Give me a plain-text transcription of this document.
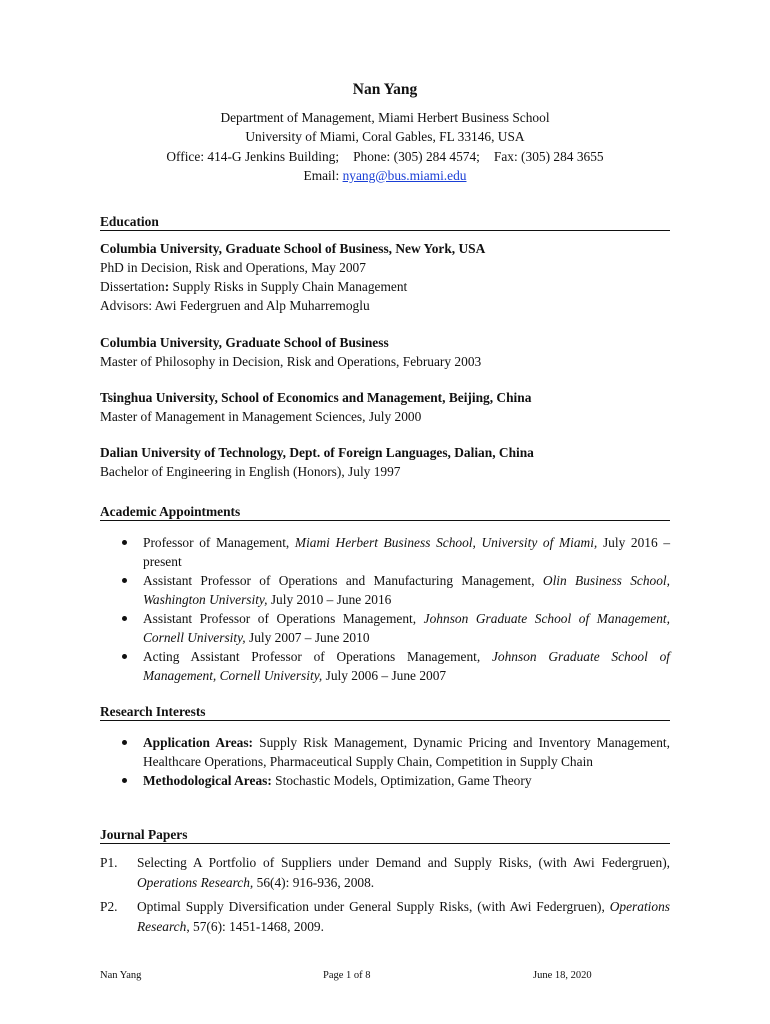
Nan Yang
Department of Management, Miami Herbert Business School
University of Miami, Coral Gables, FL 33146, USA
Office: 414-G Jenkins Building; Phone: (305) 284 4574; Fax: (305) 284 3655
Email: nyang@bus.miami.edu
Education
Columbia University, Graduate School of Business, New York, USA
PhD in Decision, Risk and Operations, May 2007
Dissertation: Supply Risks in Supply Chain Management
Advisors: Awi Federgruen and Alp Muharremoglu
Columbia University, Graduate School of Business
Master of Philosophy in Decision, Risk and Operations, February 2003
Tsinghua University, School of Economics and Management, Beijing, China
Master of Management in Management Sciences, July 2000
Dalian University of Technology, Dept. of Foreign Languages, Dalian, China
Bachelor of Engineering in English (Honors), July 1997
Academic Appointments
Professor of Management, Miami Herbert Business School, University of Miami, July 2016 – present
Assistant Professor of Operations and Manufacturing Management, Olin Business School, Washington University, July 2010 – June 2016
Assistant Professor of Operations Management, Johnson Graduate School of Management, Cornell University, July 2007 – June 2010
Acting Assistant Professor of Operations Management, Johnson Graduate School of Management, Cornell University, July 2006 – June 2007
Research Interests
Application Areas: Supply Risk Management, Dynamic Pricing and Inventory Management, Healthcare Operations, Pharmaceutical Supply Chain, Competition in Supply Chain
Methodological Areas: Stochastic Models, Optimization, Game Theory
Journal Papers
P1. Selecting A Portfolio of Suppliers under Demand and Supply Risks, (with Awi Federgruen), Operations Research, 56(4): 916-936, 2008.
P2. Optimal Supply Diversification under General Supply Risks, (with Awi Federgruen), Operations Research, 57(6): 1451-1468, 2009.
Nan Yang	Page 1 of 8	June 18, 2020
